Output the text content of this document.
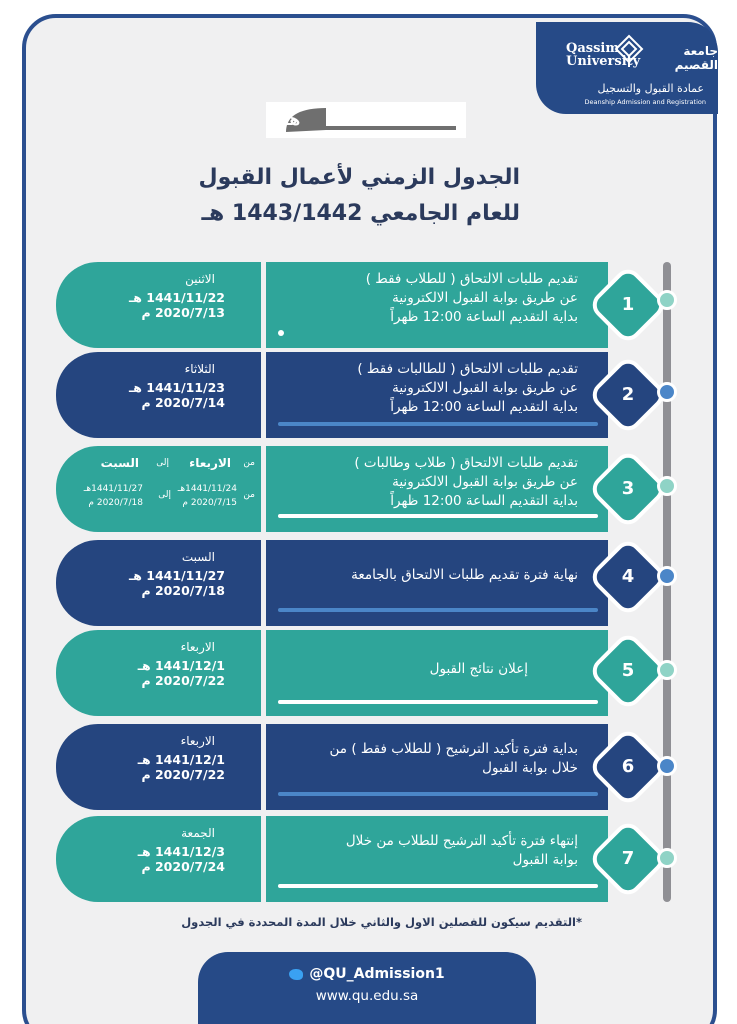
Qassim
University
جامعة القصيم
عمادة القبول والتسجيل
Deanship Admission and Registration
ها!
الجدول الزمني لأعمال القبول
للعام الجامعي 1443/1442 هـ
الاثنين
1441/11/22 هـ
2020/7/13 م
تقديم طلبات الالتحاق ( للطلاب فقط )
عن طريق بوابة القبول الالكترونية
بداية التقديم الساعة 12:00 ظهراً
الثلاثاء
1441/11/23 هـ
2020/7/14 م
تقديم طلبات الالتحاق ( للطالبات فقط )
عن طريق بوابة القبول الالكترونية
بداية التقديم الساعة 12:00 ظهراً
من
الاربعاء
إلى
السبت
من
1441/11/24هـ
2020/7/15 م
إلى
1441/11/27هـ
2020/7/18 م
تقديم طلبات الالتحاق ( طلاب وطالبات )
عن طريق بوابة القبول الالكترونية
بداية التقديم الساعة 12:00 ظهراً
السبت
1441/11/27 هـ
2020/7/18 م
نهاية فترة تقديم طلبات الالتحاق بالجامعة
الاربعاء
1441/12/1 هـ
2020/7/22 م
إعلان نتائج القبول
الاربعاء
1441/12/1 هـ
2020/7/22 م
بداية فترة تأكيد الترشيح ( للطلاب فقط ) من
خلال بوابة القبول
الجمعة
1441/12/3 هـ
2020/7/24 م
إنتهاء فترة تأكيد الترشيح للطلاب من خلال
بوابة القبول
1
2
3
4
5
6
7
*التقديم سيكون للفصلين الاول والثاني خلال المدة المحددة في الجدول
@QU_Admission1
www.qu.edu.sa
